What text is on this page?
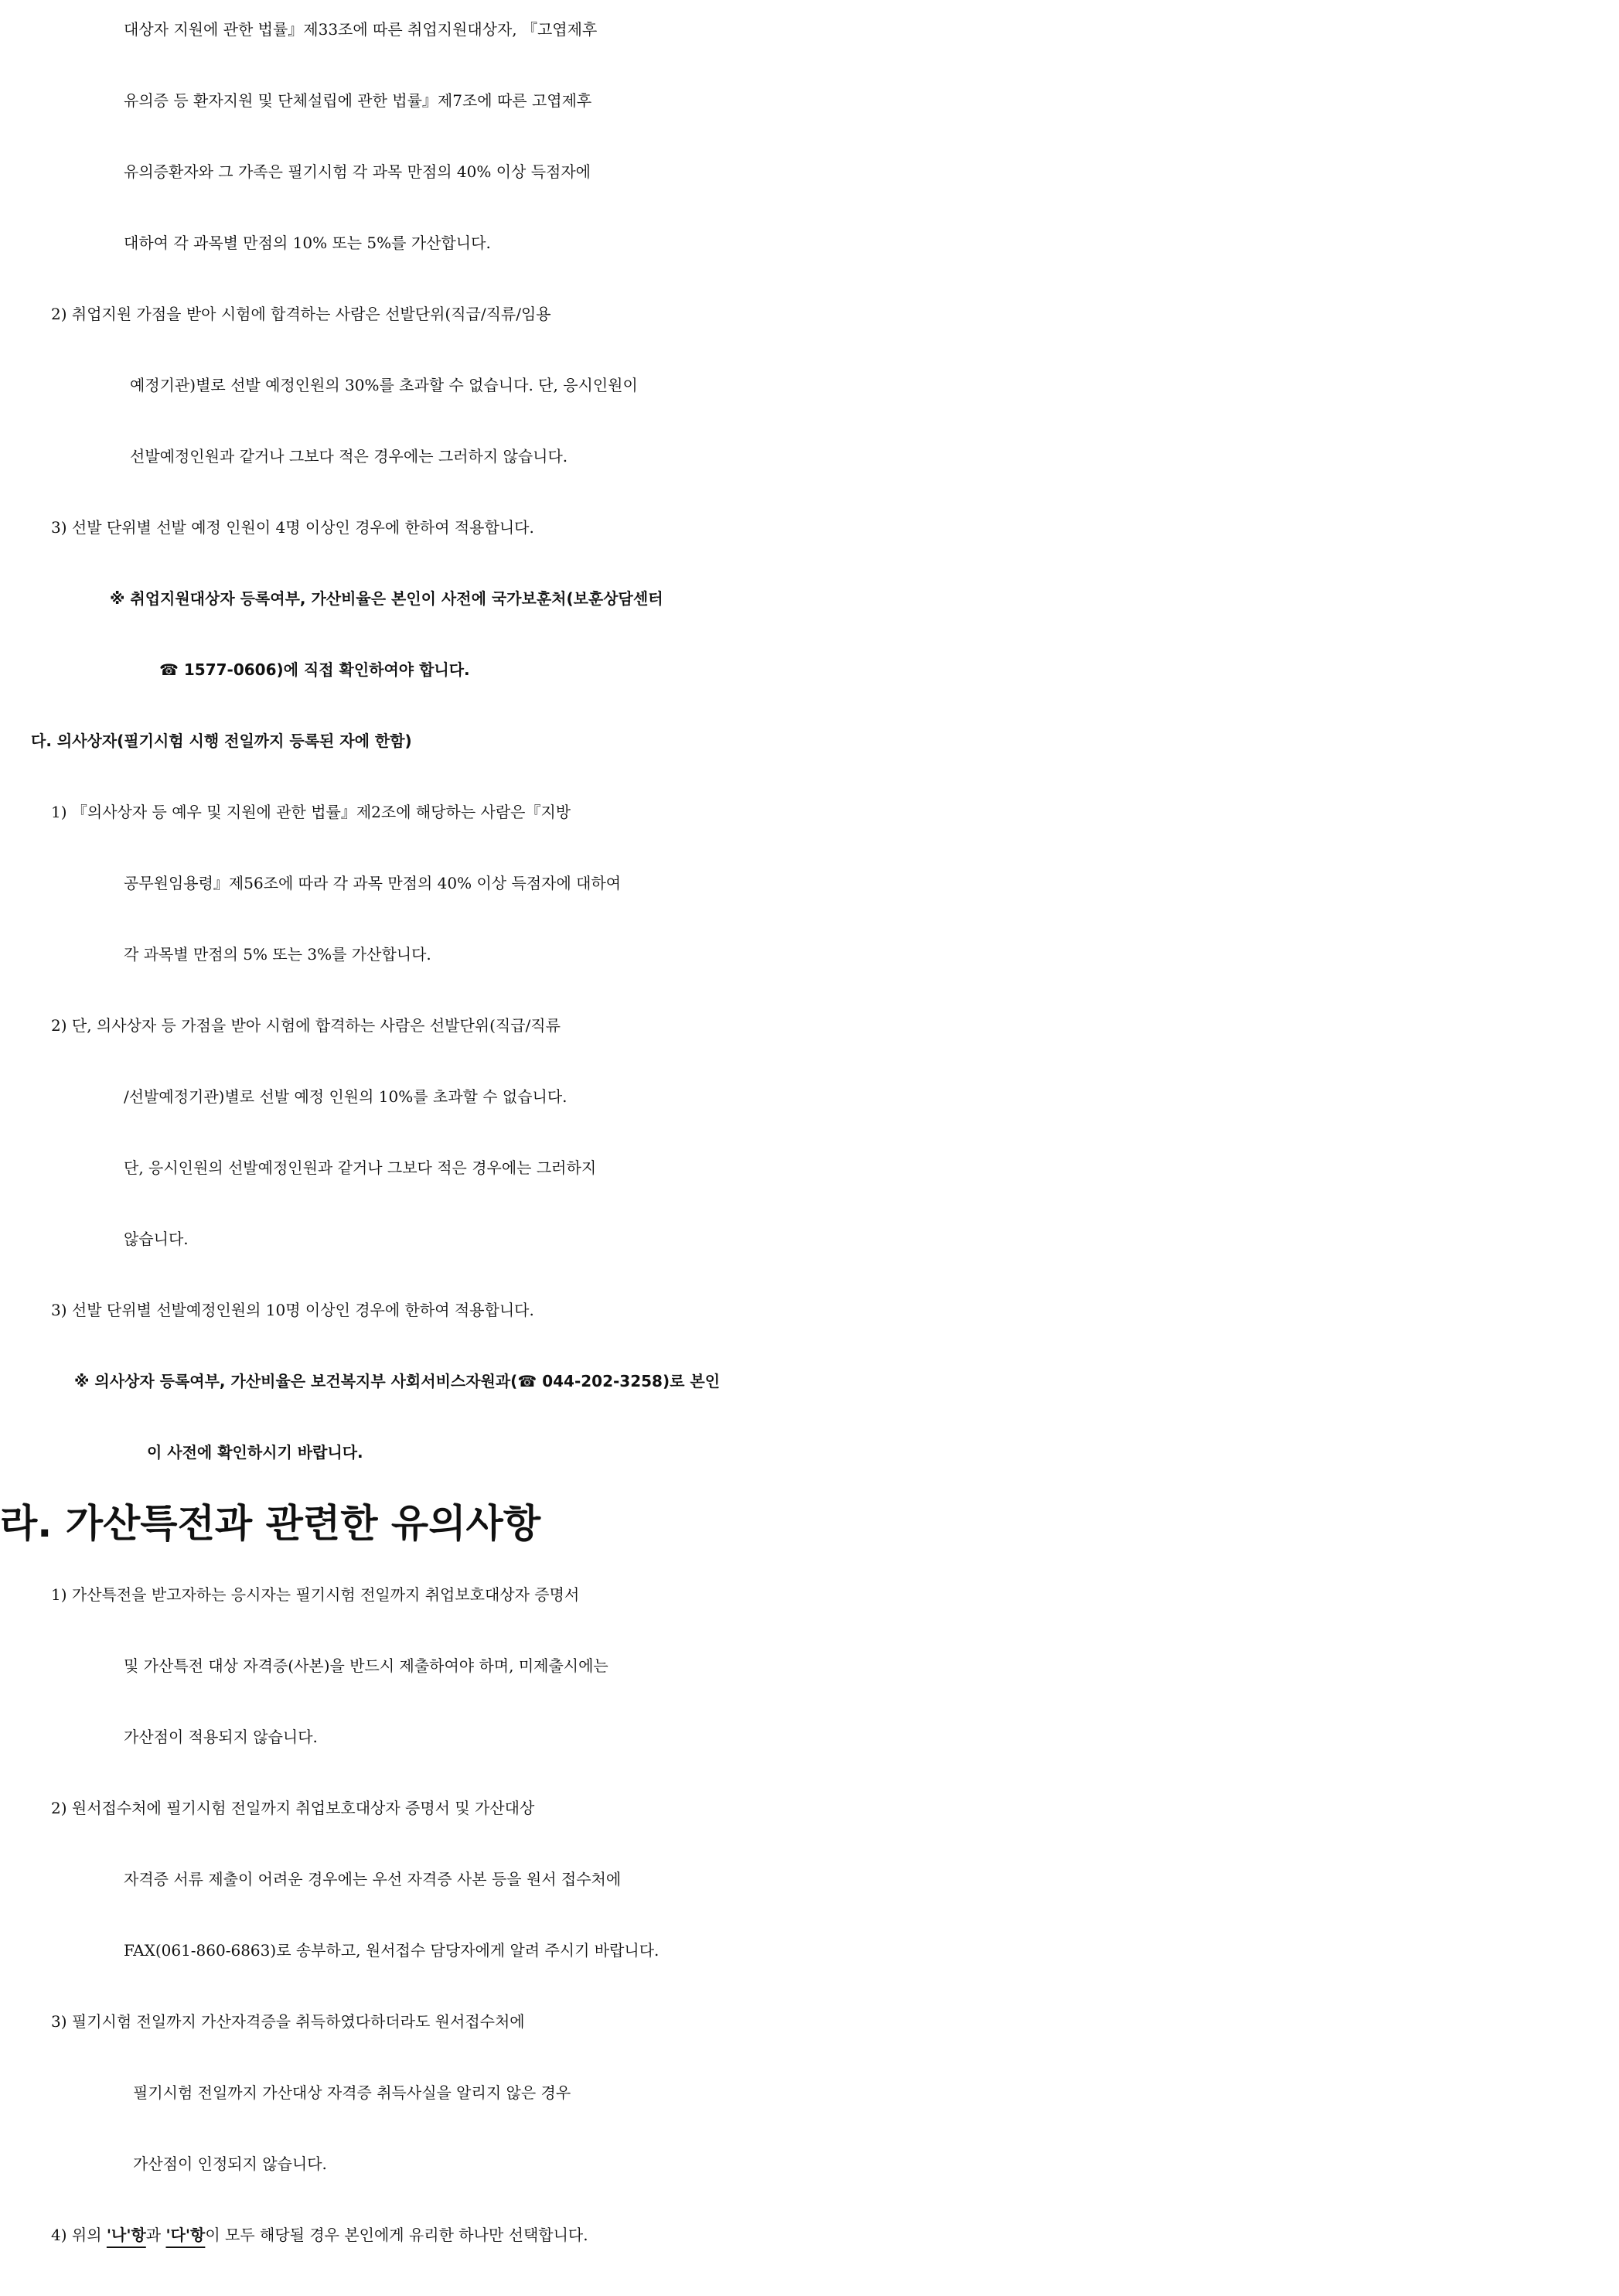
대상자 지원에 관한 법률』제33조에 따른 취업지원대상자, 『고엽제후
유의증 등 환자지원 및 단체설립에 관한 법률』제7조에 따른 고엽제후
유의증환자와 그 가족은 필기시험 각 과목 만점의 40% 이상 득점자에
대하여 각 과목별 만점의 10% 또는 5%를 가산합니다.
2) 취업지원 가점을 받아 시험에 합격하는 사람은 선발단위(직급/직류/임용
예정기관)별로 선발 예정인원의 30%를 초과할 수 없습니다. 단, 응시인원이
선발예정인원과 같거나 그보다 적은 경우에는 그러하지 않습니다.
3) 선발 단위별 선발 예정 인원이 4명 이상인 경우에 한하여 적용합니다.
※ 취업지원대상자 등록여부, 가산비율은 본인이 사전에 국가보훈처(보훈상담센터
☎ 1577-0606)에 직접 확인하여야 합니다.
다. 의사상자(필기시험 시행 전일까지 등록된 자에 한함)
1) 『의사상자 등 예우 및 지원에 관한 법률』제2조에 해당하는 사람은『지방
공무원임용령』제56조에 따라 각 과목 만점의 40% 이상 득점자에 대하여
각 과목별 만점의 5% 또는 3%를 가산합니다.
2) 단, 의사상자 등 가점을 받아 시험에 합격하는 사람은 선발단위(직급/직류
/선발예정기관)별로 선발 예정 인원의 10%를 초과할 수 없습니다.
단, 응시인원의 선발예정인원과 같거나 그보다 적은 경우에는 그러하지
않습니다.
3) 선발 단위별 선발예정인원의 10명 이상인 경우에 한하여 적용합니다.
※ 의사상자 등록여부, 가산비율은 보건복지부 사회서비스자원과(☎ 044-202-3258)로 본인
이 사전에 확인하시기 바랍니다.
라. 가산특전과 관련한 유의사항
1) 가산특전을 받고자하는 응시자는 필기시험 전일까지 취업보호대상자 증명서
및 가산특전 대상 자격증(사본)을 반드시 제출하여야 하며, 미제출시에는
가산점이 적용되지 않습니다.
2) 원서접수처에 필기시험 전일까지 취업보호대상자 증명서 및 가산대상
자격증 서류 제출이 어려운 경우에는 우선 자격증 사본 등을 원서 접수처에
FAX(061-860-6863)로 송부하고, 원서접수 담당자에게 알려 주시기 바랍니다.
3) 필기시험 전일까지 가산자격증을 취득하였다하더라도 원서접수처에
필기시험 전일까지 가산대상 자격증 취득사실을 알리지 않은 경우
가산점이 인정되지 않습니다.
4) 위의 '나'항과 '다'항이 모두 해당될 경우 본인에게 유리한 하나만 선택합니다.
